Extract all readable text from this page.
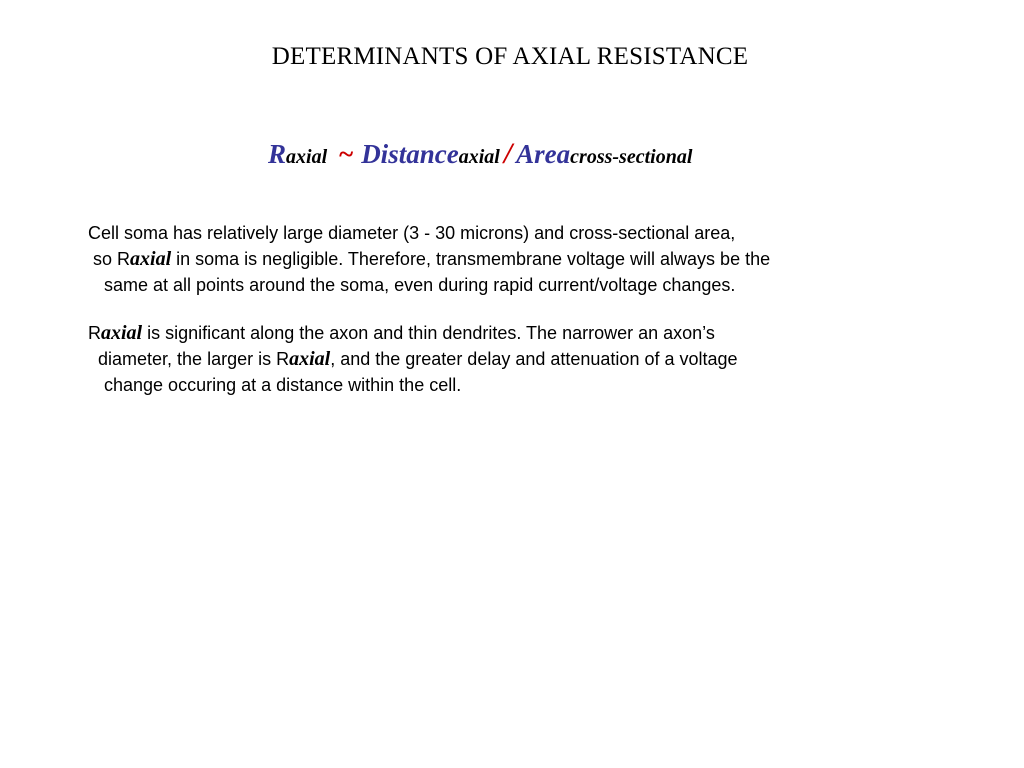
DETERMINANTS OF AXIAL RESISTANCE
Raxial ~ Distanceaxial / Areacross-sectional
Cell soma has relatively large diameter (3 - 30 microns) and cross-sectional area,
so Raxial in soma is negligible. Therefore, transmembrane voltage will always be the
same at all points around the soma, even during rapid current/voltage changes.
Raxial is significant along the axon and thin dendrites. The narrower an axon’s
diameter, the larger is Raxial, and the greater delay and attenuation of a voltage
change occuring at a distance within the cell.
